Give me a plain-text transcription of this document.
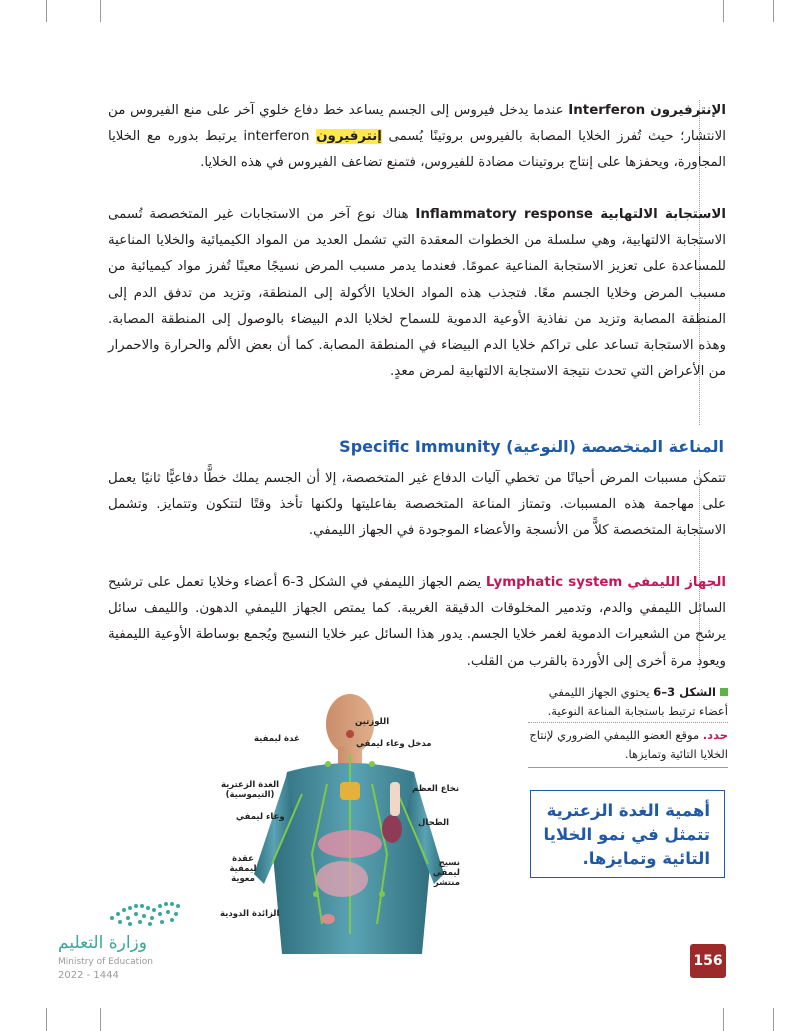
الإنترفيرون Interferon عندما يدخل فيروس إلى الجسم يساعد خط دفاع خلوي آخر على منع الفيروس من الانتشار؛ حيث تُفرز الخلايا المصابة بالفيروس بروتينًا يُسمى إنترفيرون interferon يرتبط بدوره مع الخلايا المجاورة، ويحفزها على إنتاج بروتينات مضادة للفيروس، فتمنع تضاعف الفيروس في هذه الخلايا.

الاستجابة الالتهابية Inflammatory response هناك نوع آخر من الاستجابات غير المتخصصة تُسمى الاستجابة الالتهابية، وهي سلسلة من الخطوات المعقدة التي تشمل العديد من المواد الكيميائية والخلايا المناعية للمساعدة على تعزيز الاستجابة المناعية عمومًا. فعندما يدمر مسبب المرض نسيجًا معينًا تُفرز مواد كيميائية من مسبب المرض وخلايا الجسم معًا. فتجذب هذه المواد الخلايا الأكولة إلى المنطقة، وتزيد من تدفق الدم إلى المنطقة المصابة وتزيد من نفاذية الأوعية الدموية للسماح لخلايا الدم البيضاء بالوصول إلى المنطقة المصابة. وهذه الاستجابة تساعد على تراكم خلايا الدم البيضاء في المنطقة المصابة. كما أن بعض الألم والحرارة والاحمرار من الأعراض التي تحدث نتيجة الاستجابة الالتهابية لمرض معدٍ.

المناعة المتخصصة (النوعية) Specific Immunity

تتمكن مسببات المرض أحيانًا من تخطي آليات الدفاع غير المتخصصة، إلا أن الجسم يملك خطًّا دفاعيًّا ثانيًا يعمل على مهاجمة هذه المسببات. وتمتاز المناعة المتخصصة بفاعليتها ولكنها تأخذ وقتًا لتتكون وتتمايز. وتشمل الاستجابة المتخصصة كلاًّ من الأنسجة والأعضاء الموجودة في الجهاز الليمفي.

الجهاز الليمفي Lymphatic system يضم الجهاز الليمفي في الشكل 3-6 أعضاء وخلايا تعمل على ترشيح السائل الليمفي والدم، وتدمير المخلوقات الدقيقة الغريبة. كما يمتص الجهاز الليمفي الدهون. والليمف سائل يرشح من الشعيرات الدموية لغمر خلايا الجسم. يدور هذا السائل عبر خلايا النسيج ويُجمع بوساطة الأوعية الليمفية ويعود مرة أخرى إلى الأوردة بالقرب من القلب.

اللوزتين
مدخل وعاء ليمفي
غدة ليمفية
نخاع العظم
الغدة الزعترية (التيموسية)
وعاء ليمفي
الطحال
نسيج ليمفي منتشر
عقدة ليمفية معوية
الزائدة الدودية
الشكل 3–6 يحتوي الجهاز الليمفي أعضاء ترتبط باستجابة المناعة النوعية.
حدد. موقع العضو الليمفي الضروري لإنتاج الخلايا التائية وتمايزها.
أهمية الغدة الزعترية تتمثل في نمو الخلايا التائية وتمايزها.
وزارة التعليم
Ministry of Education
2022 - 1444
156
